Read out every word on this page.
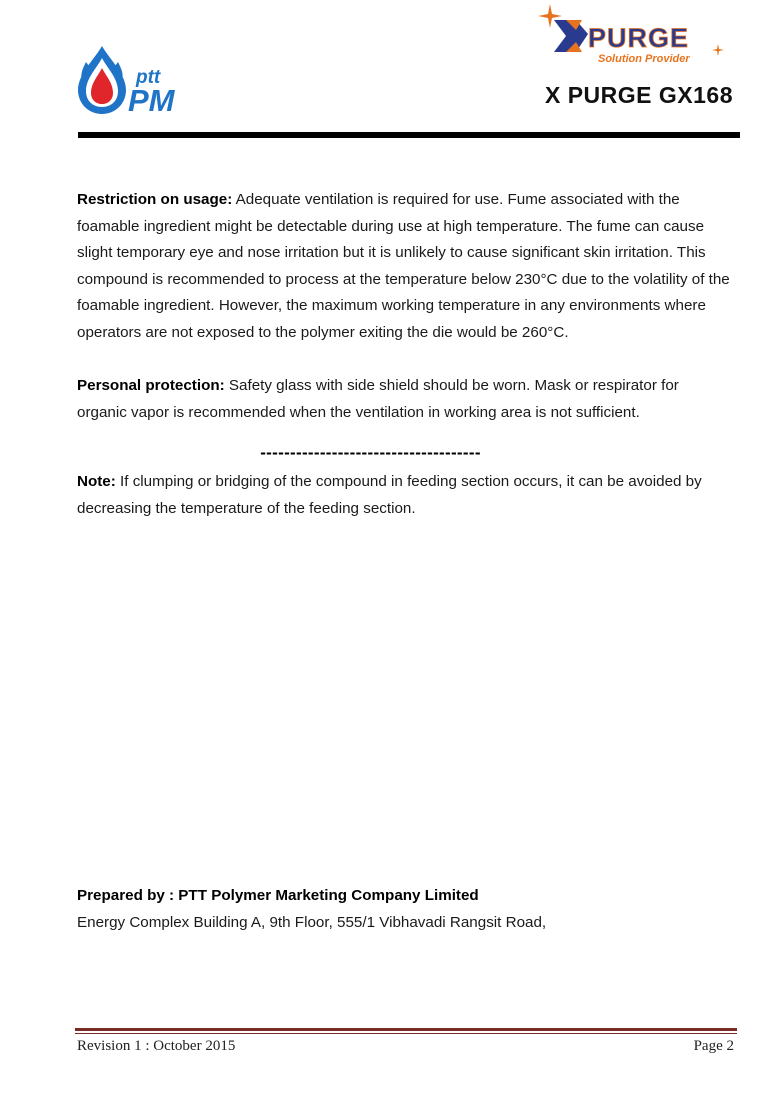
ptt
PM
PURGE
Solution Provider
X PURGE GX168

Restriction on usage: Adequate ventilation is required for use. Fume associated with the foamable ingredient might be detectable during use at high temperature. The fume can cause slight temporary eye and nose irritation but it is unlikely to cause significant skin irritation. This compound is recommended to process at the temperature below 230°C due to the volatility of the foamable ingredient. However, the maximum working temperature in any environments where operators are not exposed to the polymer exiting the die would be 260°C.

Personal protection: Safety glass with side shield should be worn. Mask or respirator for organic vapor is recommended when the ventilation in working area is not sufficient.

-------------------------------------

Note: If clumping or bridging of the compound in feeding section occurs, it can be avoided by decreasing the temperature of the feeding section.

Prepared by : PTT Polymer Marketing Company Limited
Energy Complex Building A, 9th Floor, 555/1 Vibhavadi Rangsit Road,
Revision 1 : October 2015	Page 2
